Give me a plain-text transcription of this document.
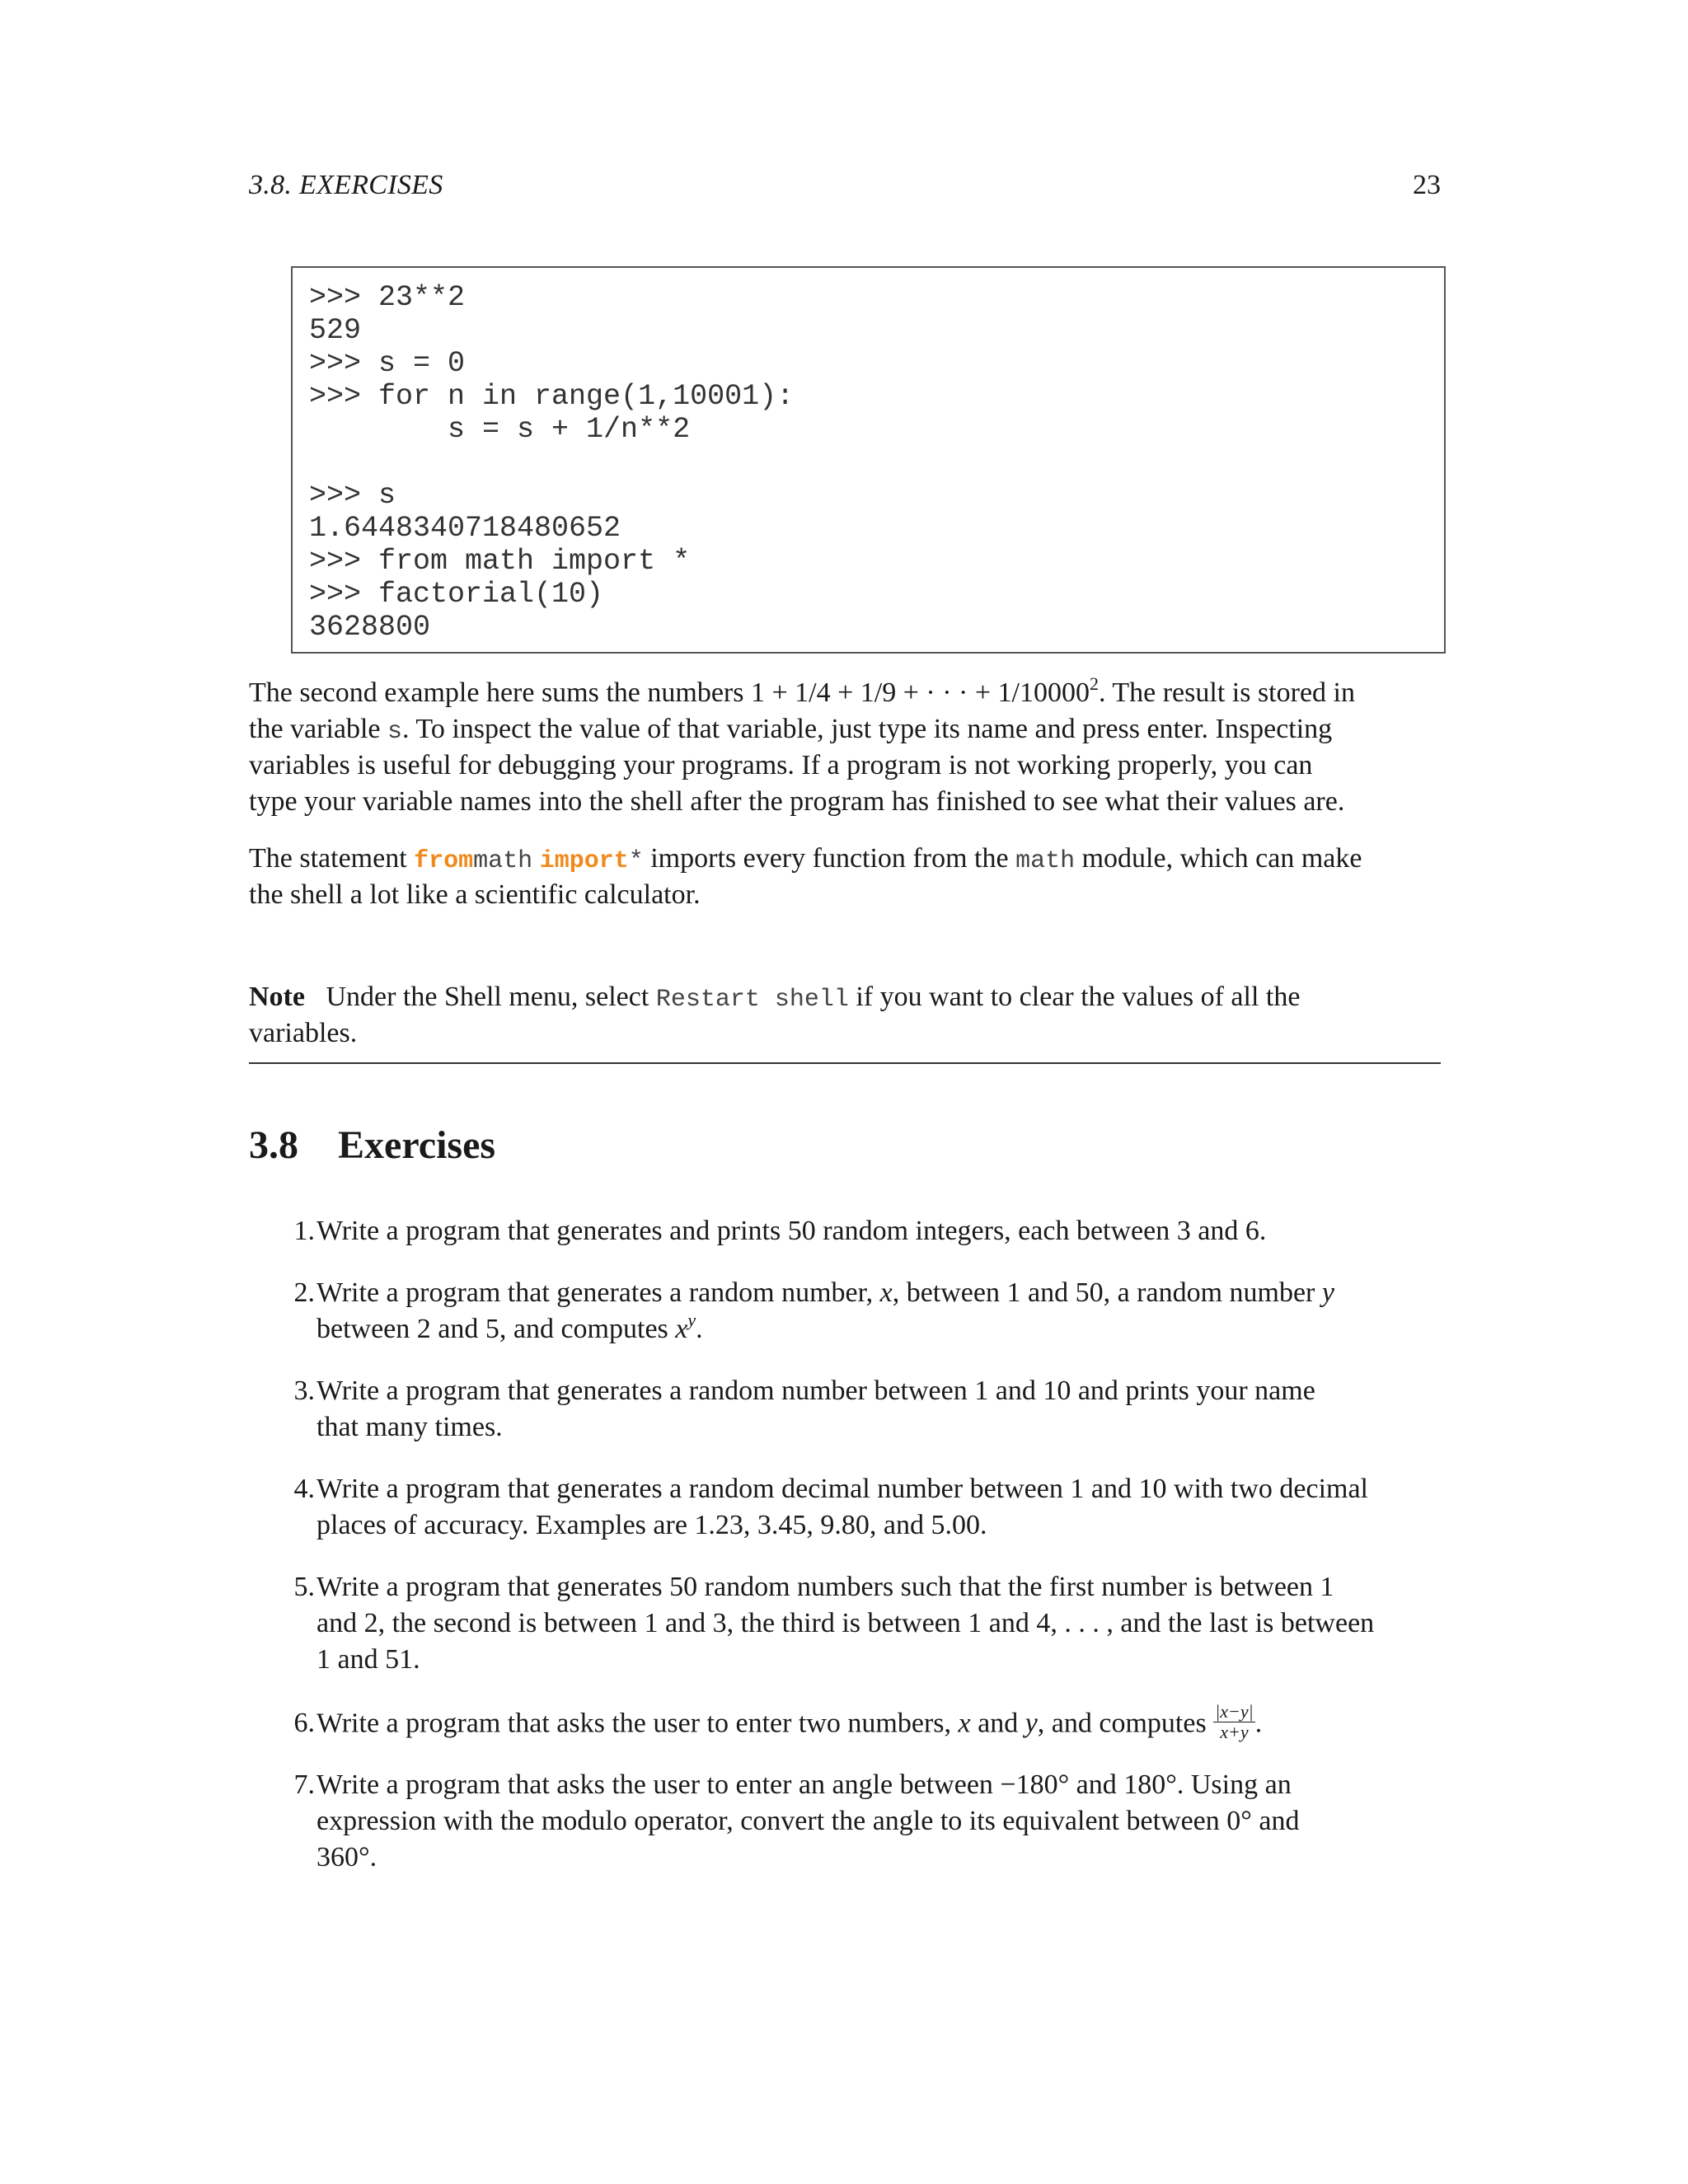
3.8. EXERCISES	23
>>> 23**2
529
>>> s = 0
>>> for n in range(1,10001):
s = s + 1/n**2
>>> s
1.6448340718480652
>>> from math import *
>>> factorial(10)
3628800

The second example here sums the numbers 1 + 1/4 + 1/9 + · · · + $1/10000^2$. The result is stored in
the variable s. To inspect the value of that variable, just type its name and press enter. Inspecting
variables is useful for debugging your programs. If a program is not working properly, you can
type your variable names into the shell after the program has finished to see what their values are.

The statement frommath import* imports every function from the math module, which can make
the shell a lot like a scientific calculator.

Note Under the Shell menu, select Restart shell if you want to clear the values of all the
variables.

3.8 Exercises
1. Write a program that generates and prints 50 random integers, each between 3 and 6.
2. Write a program that generates a random number, x, between 1 and 50, a random number y
between 2 and 5, and computes $x^y$.
3. Write a program that generates a random number between 1 and 10 and prints your name
that many times.
4. Write a program that generates a random decimal number between 1 and 10 with two decimal
places of accuracy. Examples are 1.23, 3.45, 9.80, and 5.00.
5. Write a program that generates 50 random numbers such that the first number is between 1
and 2, the second is between 1 and 3, the third is between 1 and 4, . . . , and the last is between
1 and 51.
6. Write a program that asks the user to enter two numbers, x and y, and computes $\frac{|x-y|}{x+y}$ .
7. Write a program that asks the user to enter an angle between −180° and 180°. Using an
expression with the modulo operator, convert the angle to its equivalent between 0° and
360°.
